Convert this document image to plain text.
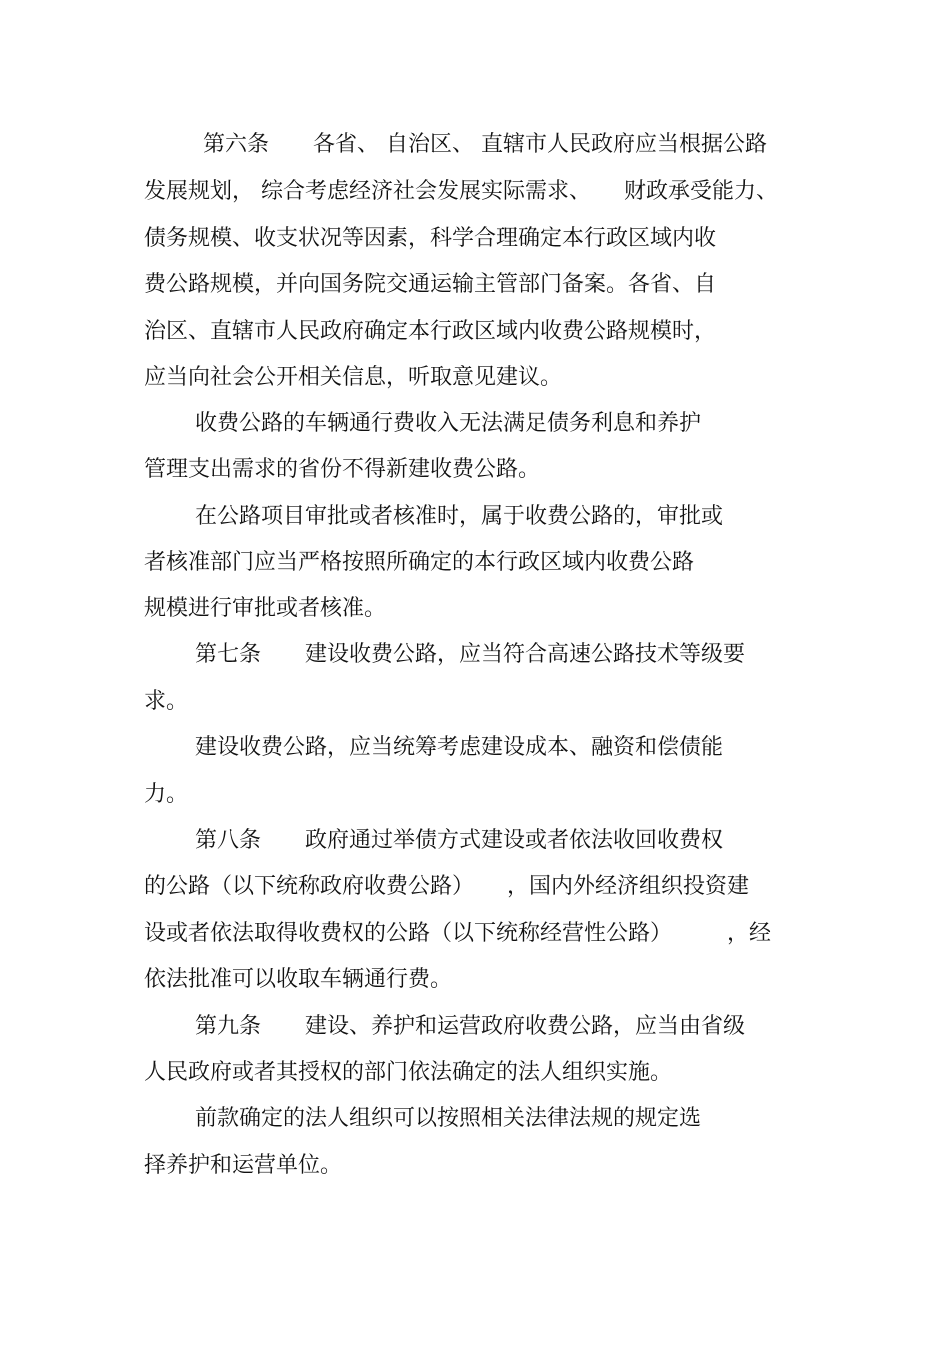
第六条　　各省、 自治区、 直辖市人民政府应当根据公路
发展规划， 综合考虑经济社会发展实际需求、　　财政承受能力、
债务规模、收支状况等因素，科学合理确定本行政区域内收
费公路规模，并向国务院交通运输主管部门备案。各省、自
治区、直辖市人民政府确定本行政区域内收费公路规模时，
应当向社会公开相关信息，听取意见建议。
收费公路的车辆通行费收入无法满足债务利息和养护
管理支出需求的省份不得新建收费公路。
在公路项目审批或者核准时，属于收费公路的，审批或
者核准部门应当严格按照所确定的本行政区域内收费公路
规模进行审批或者核准。
第七条　　建设收费公路，应当符合高速公路技术等级要
求。
建设收费公路，应当统筹考虑建设成本、融资和偿债能
力。
第八条　　政府通过举债方式建设或者依法收回收费权
的公路（以下统称政府收费公路）　　，国内外经济组织投资建
设或者依法取得收费权的公路（以下统称经营性公路）　　　，经
依法批准可以收取车辆通行费。
第九条　　建设、养护和运营政府收费公路，应当由省级
人民政府或者其授权的部门依法确定的法人组织实施。
前款确定的法人组织可以按照相关法律法规的规定选
择养护和运营单位。
